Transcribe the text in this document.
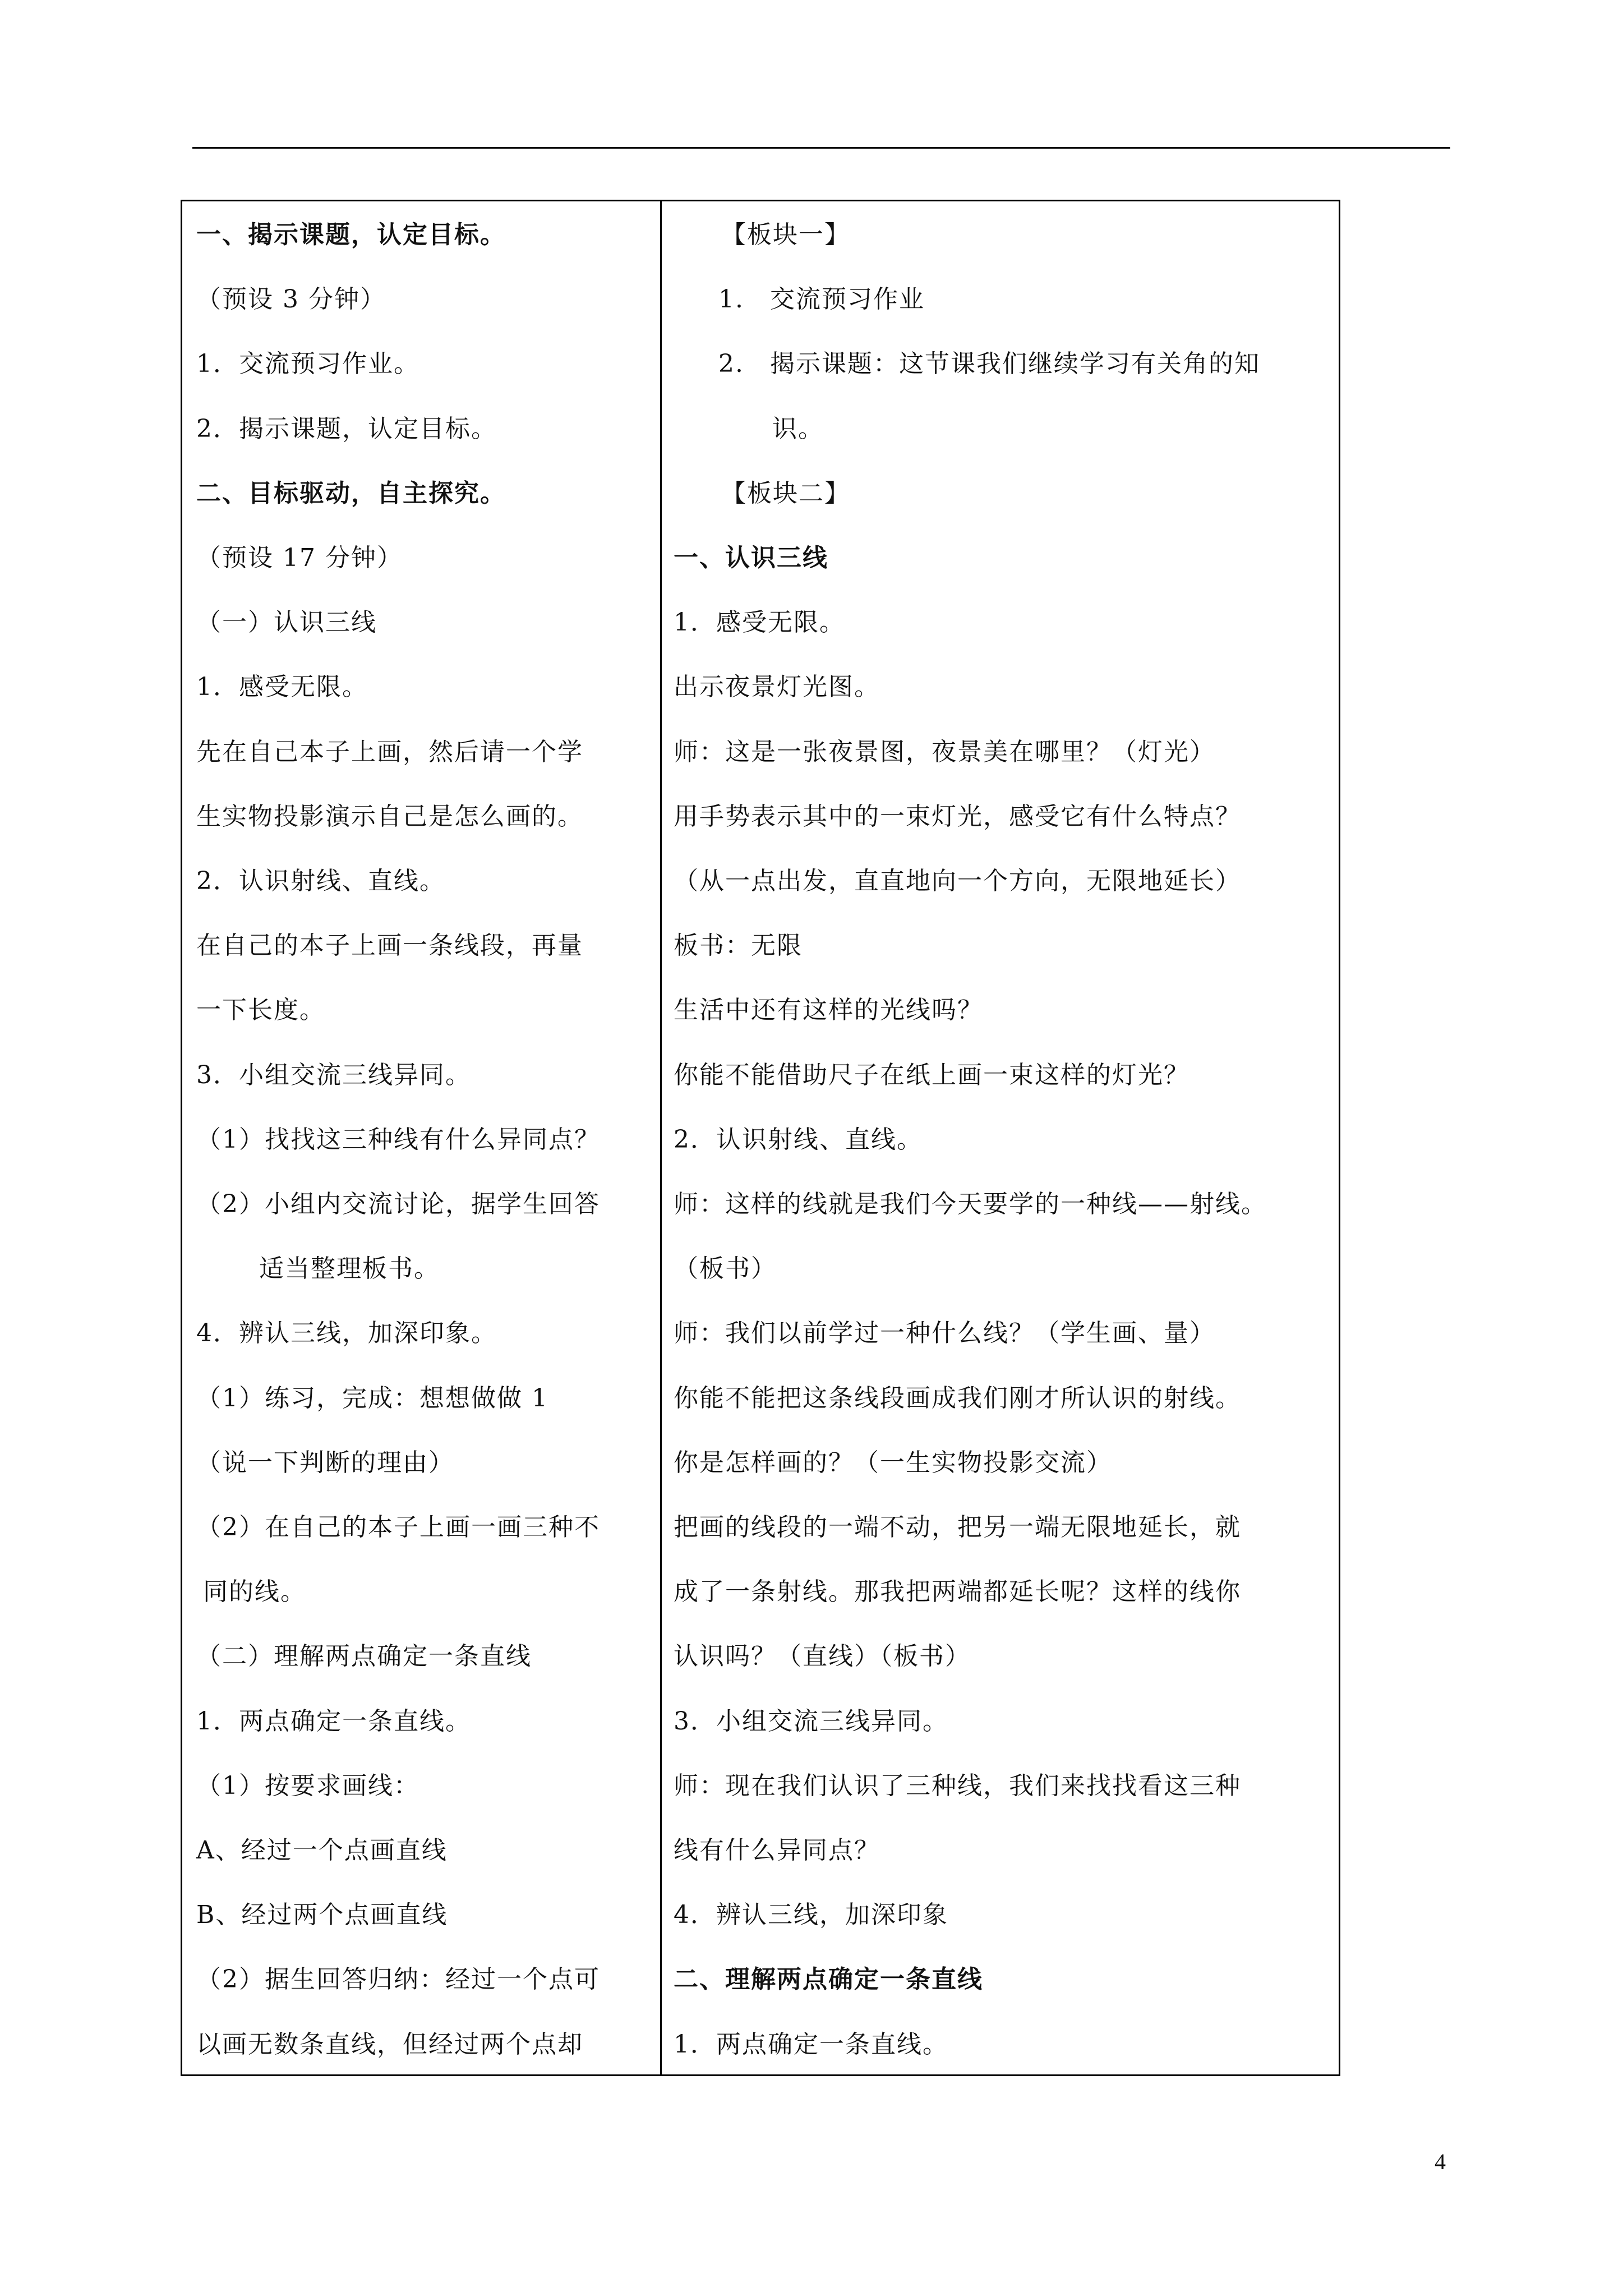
一、揭示课题，认定目标。
（预设 3 分钟）
1．交流预习作业。
2．揭示课题，认定目标。
二、目标驱动，自主探究。
（预设 17 分钟）
（一）认识三线
1．感受无限。
先在自己本子上画，然后请一个学
生实物投影演示自己是怎么画的。
2．认识射线、直线。
在自己的本子上画一条线段，再量
一下长度。
3．小组交流三线异同。
（1）找找这三种线有什么异同点？
（2）小组内交流讨论，据学生回答
适当整理板书。
4．辨认三线，加深印象。
（1）练习，完成：想想做做 1
（说一下判断的理由）
（2）在自己的本子上画一画三种不
同的线。
（二）理解两点确定一条直线
1．两点确定一条直线。
（1）按要求画线：
A、经过一个点画直线
B、经过两个点画直线
（2）据生回答归纳：经过一个点可
以画无数条直线，但经过两个点却
【板块一】
1.　交流预习作业
2.　揭示课题：这节课我们继续学习有关角的知
识。
【板块二】
一、认识三线
1．感受无限。
出示夜景灯光图。
师：这是一张夜景图，夜景美在哪里？（灯光）
用手势表示其中的一束灯光，感受它有什么特点？
（从一点出发，直直地向一个方向，无限地延长）
板书：无限
生活中还有这样的光线吗？
你能不能借助尺子在纸上画一束这样的灯光？
2．认识射线、直线。
师：这样的线就是我们今天要学的一种线——射线。
（板书）
师：我们以前学过一种什么线？（学生画、量）
你能不能把这条线段画成我们刚才所认识的射线。
你是怎样画的？（一生实物投影交流）
把画的线段的一端不动，把另一端无限地延长，就
成了一条射线。那我把两端都延长呢？这样的线你
认识吗？（直线）（板书）
3．小组交流三线异同。
师：现在我们认识了三种线，我们来找找看这三种
线有什么异同点？
4．辨认三线，加深印象
二、理解两点确定一条直线
1．两点确定一条直线。
4
